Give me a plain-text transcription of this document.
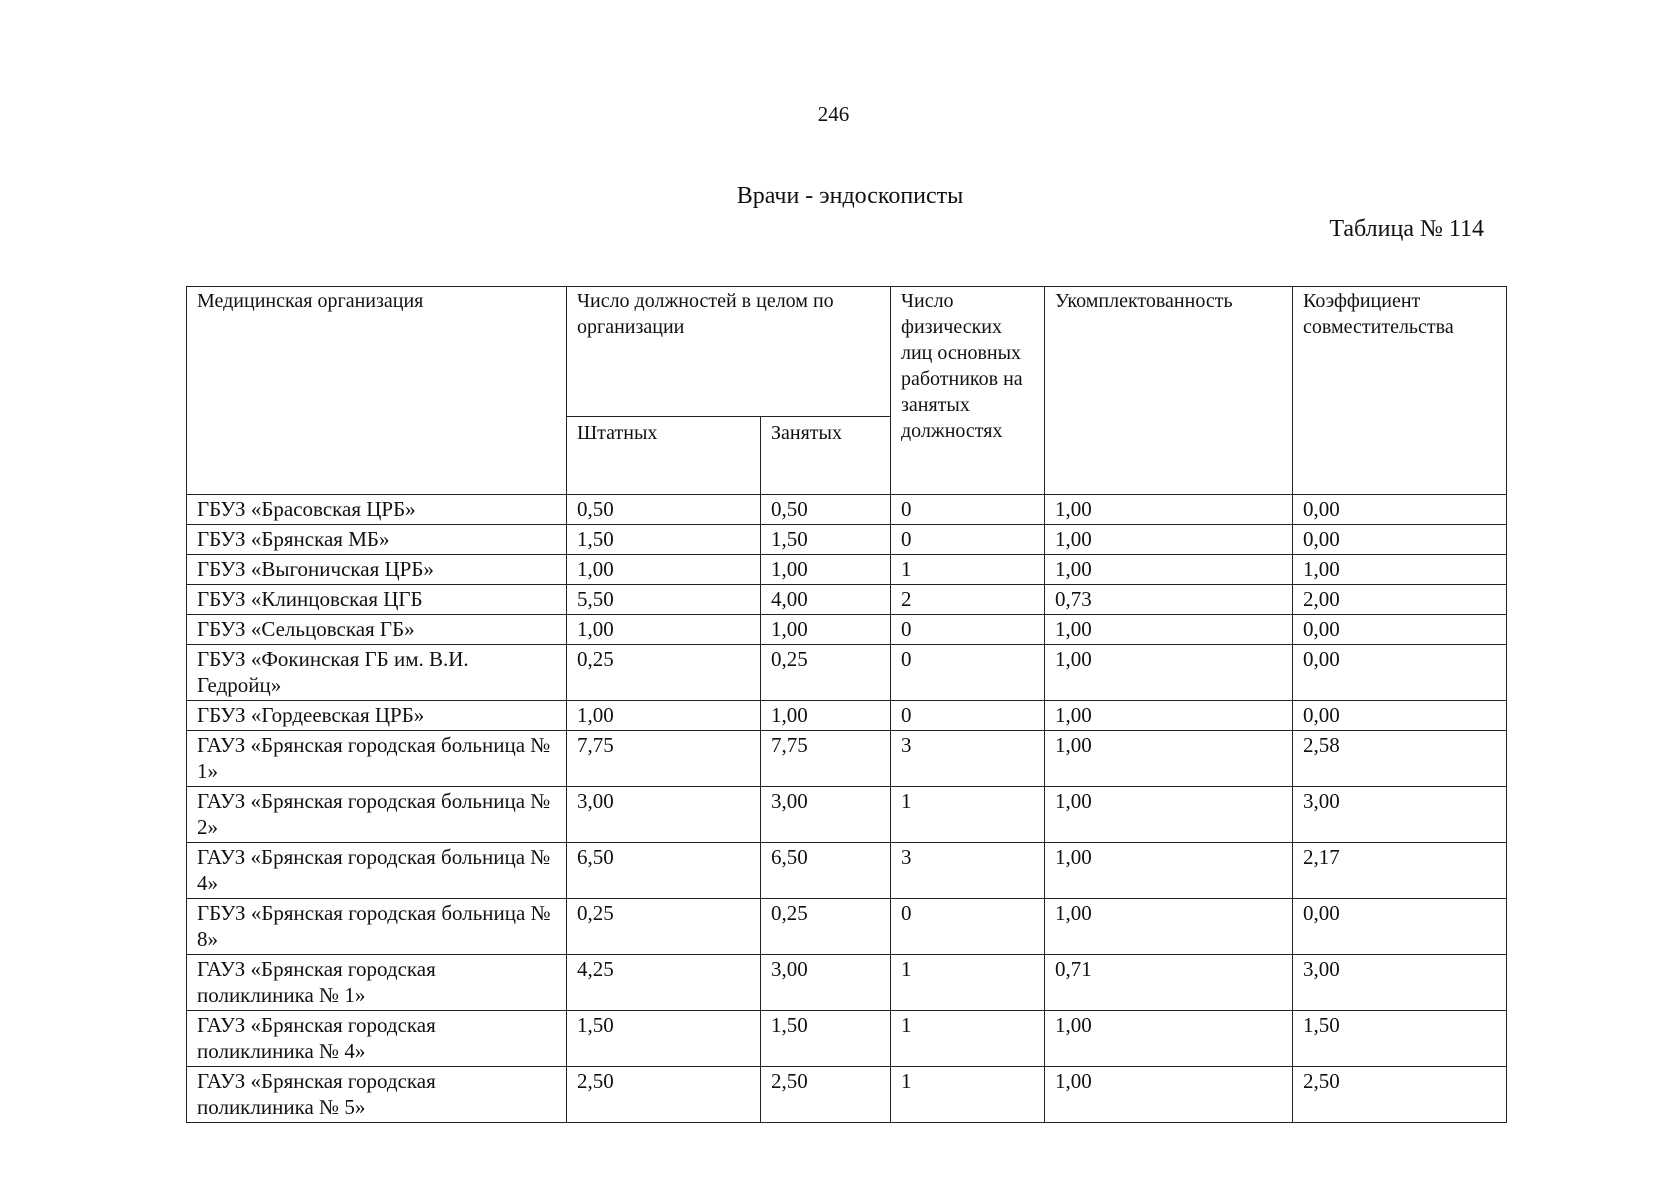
246
Врачи - эндоскописты
Таблица № 114
Медицинская организация	Число должностей в целом по организации		Число физических лиц основных работников на занятых должностях	Укомплектованность	Коэффициент совместительства
	Штатных	Занятых			
ГБУЗ «Брасовская ЦРБ»	0,50	0,50	0	1,00	0,00
ГБУЗ «Брянская МБ»	1,50	1,50	0	1,00	0,00
ГБУЗ «Выгоничская ЦРБ»	1,00	1,00	1	1,00	1,00
ГБУЗ «Клинцовская ЦГБ	5,50	4,00	2	0,73	2,00
ГБУЗ «Сельцовская ГБ»	1,00	1,00	0	1,00	0,00
ГБУЗ «Фокинская ГБ им. В.И. Гедройц»	0,25	0,25	0	1,00	0,00
ГБУЗ «Гордеевская ЦРБ»	1,00	1,00	0	1,00	0,00
ГАУЗ «Брянская городская больница № 1»	7,75	7,75	3	1,00	2,58
ГАУЗ «Брянская городская больница № 2»	3,00	3,00	1	1,00	3,00
ГАУЗ «Брянская городская больница № 4»	6,50	6,50	3	1,00	2,17
ГБУЗ «Брянская городская больница № 8»	0,25	0,25	0	1,00	0,00
ГАУЗ «Брянская городская поликлиника № 1»	4,25	3,00	1	0,71	3,00
ГАУЗ «Брянская городская поликлиника № 4»	1,50	1,50	1	1,00	1,50
ГАУЗ «Брянская городская поликлиника № 5»	2,50	2,50	1	1,00	2,50
